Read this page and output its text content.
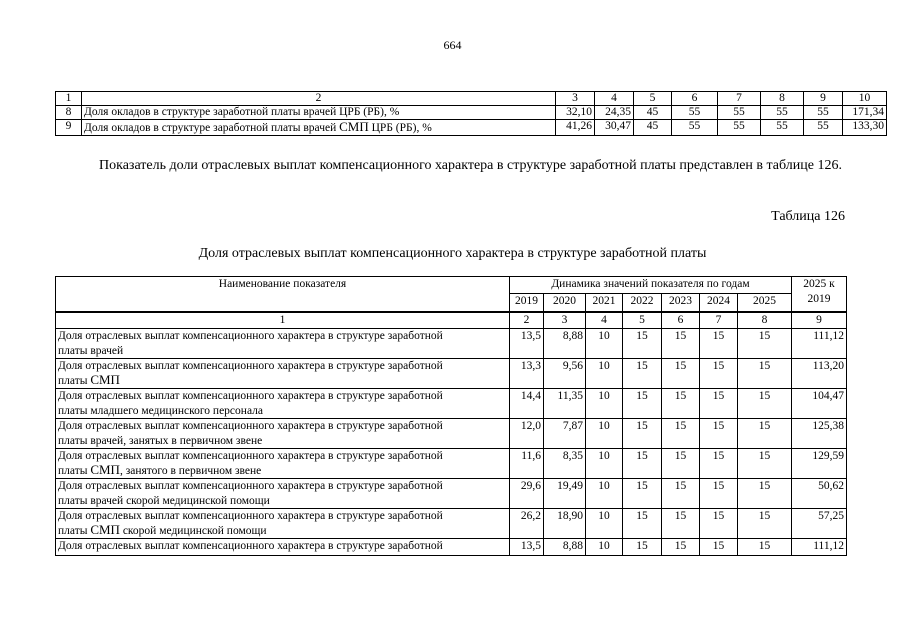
664
1	2	3	4	5	6	7	8	9	10
8	Доля окладов в структуре заработной платы врачей ЦРБ (РБ), %	32,10	24,35	45	55	55	55	55	171,34
9	Доля окладов в структуре заработной платы врачей СМП ЦРБ (РБ), %	41,26	30,47	45	55	55	55	55	133,30
Показатель доли отраслевых выплат компенсационного характера в структуре заработной платы представлен в таблице 126.
Таблица 126
Доля отраслевых выплат компенсационного характера в структуре заработной платы
Наименование показателя	Динамика значений показателя по годам							2025 к 2019
	2019	2020	2021	2022	2023	2024	2025	
1	2	3	4	5	6	7	8	9

Доля отраслевых выплат компенсационного характера в структуре заработной
платы врачей	13,5	8,88	10	15	15	15	15	111,12

Доля отраслевых выплат компенсационного характера в структуре заработной
платы СМП	13,3	9,56	10	15	15	15	15	113,20

Доля отраслевых выплат компенсационного характера в структуре заработной
платы младшего медицинского персонала	14,4	11,35	10	15	15	15	15	104,47

Доля отраслевых выплат компенсационного характера в структуре заработной
платы врачей, занятых в первичном звене	12,0	7,87	10	15	15	15	15	125,38

Доля отраслевых выплат компенсационного характера в структуре заработной
платы СМП, занятого в первичном звене	11,6	8,35	10	15	15	15	15	129,59

Доля отраслевых выплат компенсационного характера в структуре заработной
платы врачей скорой медицинской помощи	29,6	19,49	10	15	15	15	15	50,62

Доля отраслевых выплат компенсационного характера в структуре заработной
платы СМП скорой медицинской помощи	26,2	18,90	10	15	15	15	15	57,25

Доля отраслевых выплат компенсационного характера в структуре заработной	13,5	8,88	10	15	15	15	15	111,12
